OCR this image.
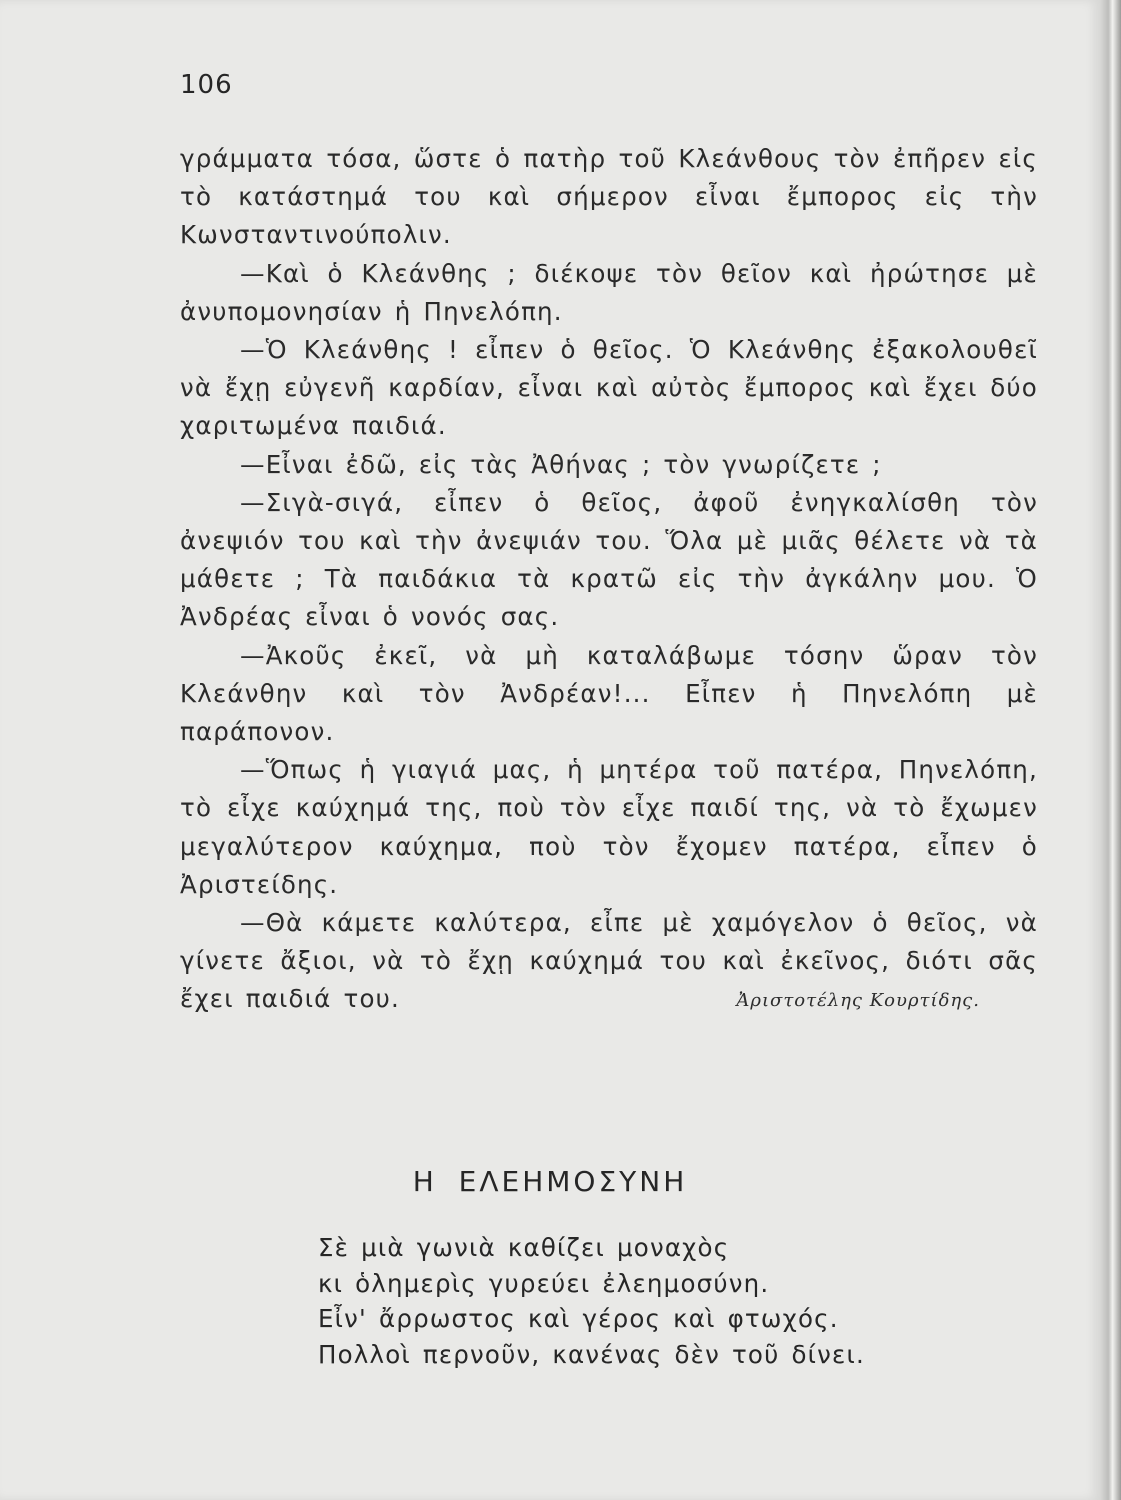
106

γράμματα τόσα, ὥστε ὁ πατὴρ τοῦ Κλεάνθους τὸν ἐπῆρεν εἰς τὸ κατάστημά του καὶ σήμερον εἶναι ἔμπορος εἰς τὴν Κωνσταντινούπολιν.

—Καὶ ὁ Κλεάνθης ; διέκοψε τὸν θεῖον καὶ ἠρώτησε μὲ ἀνυπομονησίαν ἡ Πηνελόπη.

—Ὁ Κλεάνθης ! εἶπεν ὁ θεῖος. Ὁ Κλεάνθης ἐξακολουθεῖ νὰ ἔχῃ εὐγενῆ καρδίαν, εἶναι καὶ αὐτὸς ἔμπορος καὶ ἔχει δύο χαριτωμένα παιδιά.

—Εἶναι ἐδῶ, εἰς τὰς Ἀθήνας ; τὸν γνωρίζετε ;

—Σιγὰ-σιγά, εἶπεν ὁ θεῖος, ἀφοῦ ἐνηγκαλίσθη τὸν ἀνεψιόν του καὶ τὴν ἀνεψιάν του. Ὅλα μὲ μιᾶς θέλετε νὰ τὰ μάθετε ; Τὰ παιδάκια τὰ κρατῶ εἰς τὴν ἀγκάλην μου. Ὁ Ἀνδρέας εἶναι ὁ νονός σας.

—Ἀκοῦς ἐκεῖ, νὰ μὴ καταλάβωμε τόσην ὥραν τὸν Κλεάνθην καὶ τὸν Ἀνδρέαν!... Εἶπεν ἡ Πηνελόπη μὲ παράπονον.

—Ὅπως ἡ γιαγιά μας, ἡ μητέρα τοῦ πατέρα, Πηνελόπη, τὸ εἶχε καύχημά της, ποὺ τὸν εἶχε παιδί της, νὰ τὸ ἔχωμεν μεγαλύτερον καύχημα, ποὺ τὸν ἔχομεν πατέρα, εἶπεν ὁ Ἀριστείδης.

—Θὰ κάμετε καλύτερα, εἶπε μὲ χαμόγελον ὁ θεῖος, νὰ γίνετε ἄξιοι, νὰ τὸ ἔχῃ καύχημά του καὶ ἐκεῖνος, διότι σᾶς ἔχει παιδιά του.	Ἀριστοτέλης Κουρτίδης.
Η ΕΛΕΗΜΟΣΥΝΗ
Σὲ μιὰ γωνιὰ καθίζει μοναχὸς
κι ὁλημερὶς γυρεύει ἐλεημοσύνη.
Εἶν' ἄρρωστος καὶ γέρος καὶ φτωχός.
Πολλοὶ περνοῦν, κανένας δὲν τοῦ δίνει.
